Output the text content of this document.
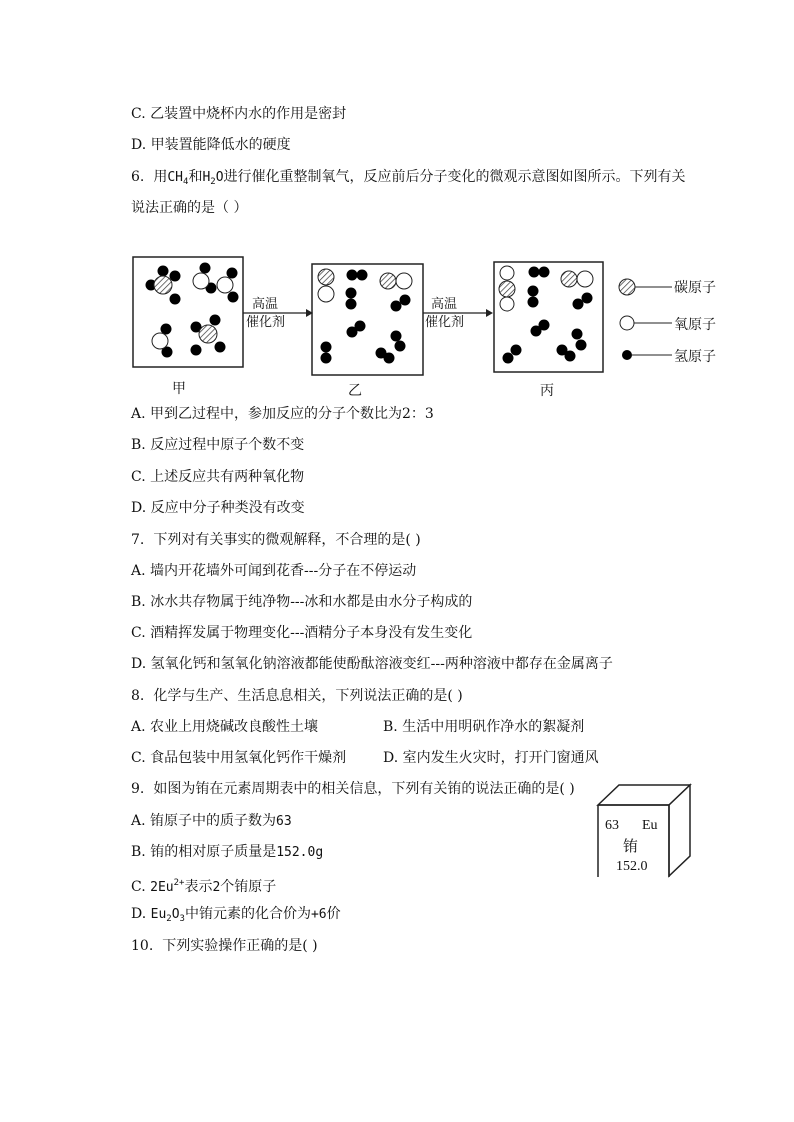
C. 乙装置中烧杯内水的作用是密封
D. 甲装置能降低水的硬度
6. 用$CH_4$和$H_2O$进行催化重整制氧气，反应前后分子变化的微观示意图如图所示。下列有关
说法正确的是（ ）
高温
催化剂
高温
催化剂
甲	乙	丙
碳原子
氧原子
氢原子
A. 甲到乙过程中，参加反应的分子个数比为2：3
B. 反应过程中原子个数不变
C. 上述反应共有两种氧化物
D. 反应中分子种类没有改变
7. 下列对有关事实的微观解释，不合理的是( )
A. 墙内开花墙外可闻到花香---分子在不停运动
B. 冰水共存物属于纯净物---冰和水都是由水分子构成的
C. 酒精挥发属于物理变化---酒精分子本身没有发生变化
D. 氢氧化钙和氢氧化钠溶液都能使酚酞溶液变红---两种溶液中都存在金属离子
8. 化学与生产、生活息息相关，下列说法正确的是( )
A. 农业上用烧碱改良酸性土壤	B. 生活中用明矾作净水的絮凝剂
C. 食品包装中用氢氧化钙作干燥剂	D. 室内发生火灾时，打开门窗通风
9. 如图为铕在元素周期表中的相关信息，下列有关铕的说法正确的是( )
A. 铕原子中的质子数为63
B. 铕的相对原子质量是152.0g
C. $2Eu^{2+}$表示2个铕原子
D. $Eu_2O_3$中铕元素的化合价为+6价
63 Eu
铕
152.0
10. 下列实验操作正确的是( )
